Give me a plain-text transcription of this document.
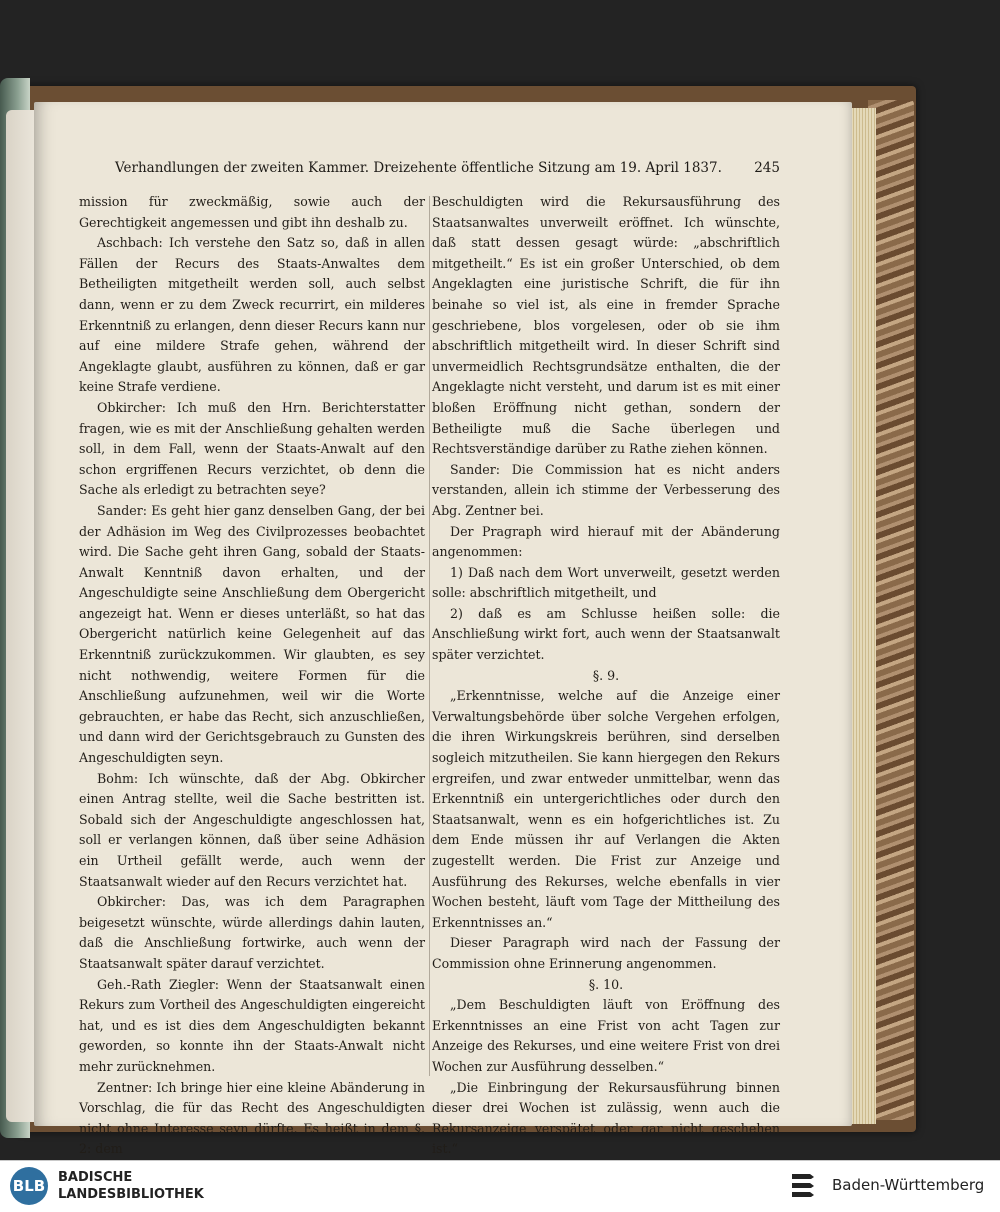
Verhandlungen der zweiten Kammer. Dreizehente öffentliche Sitzung am 19. April 1837. 245

mission für zweckmäßig, sowie auch der Gerechtigkeit angemessen und gibt ihn deshalb zu.

Aschbach: Ich verstehe den Satz so, daß in allen Fällen der Recurs des Staats-Anwaltes dem Betheiligten mitgetheilt werden soll, auch selbst dann, wenn er zu dem Zweck recurrirt, ein milderes Erkenntniß zu erlangen, denn dieser Recurs kann nur auf eine mildere Strafe gehen, während der Angeklagte glaubt, ausführen zu können, daß er gar keine Strafe verdiene.

Obkircher: Ich muß den Hrn. Berichterstatter fragen, wie es mit der Anschließung gehalten werden soll, in dem Fall, wenn der Staats-Anwalt auf den schon ergriffenen Recurs verzichtet, ob denn die Sache als erledigt zu betrachten seye?

Sander: Es geht hier ganz denselben Gang, der bei der Adhäsion im Weg des Civilprozesses beobachtet wird. Die Sache geht ihren Gang, sobald der Staats-Anwalt Kenntniß davon erhalten, und der Angeschuldigte seine Anschließung dem Obergericht angezeigt hat. Wenn er dieses unterläßt, so hat das Obergericht natürlich keine Gelegenheit auf das Erkenntniß zurückzukommen. Wir glaubten, es sey nicht nothwendig, weitere Formen für die Anschließung aufzunehmen, weil wir die Worte gebrauchten, er habe das Recht, sich anzuschließen, und dann wird der Gerichtsgebrauch zu Gunsten des Angeschuldigten seyn.

Bohm: Ich wünschte, daß der Abg. Obkircher einen Antrag stellte, weil die Sache bestritten ist. Sobald sich der Angeschuldigte angeschlossen hat, soll er verlangen können, daß über seine Adhäsion ein Urtheil gefällt werde, auch wenn der Staatsanwalt wieder auf den Recurs verzichtet hat.

Obkircher: Das, was ich dem Paragraphen beigesetzt wünschte, würde allerdings dahin lauten, daß die Anschließung fortwirke, auch wenn der Staatsanwalt später darauf verzichtet.

Geh.-Rath Ziegler: Wenn der Staatsanwalt einen Rekurs zum Vortheil des Angeschuldigten eingereicht hat, und es ist dies dem Angeschuldigten bekannt geworden, so konnte ihn der Staats-Anwalt nicht mehr zurücknehmen.

Zentner: Ich bringe hier eine kleine Abänderung in Vorschlag, die für das Recht des Angeschuldigten nicht ohne Interesse seyn dürfte. Es heißt in dem §. 2: dem

Beschuldigten wird die Rekursausführung des Staatsanwaltes unverweilt eröffnet. Ich wünschte, daß statt dessen gesagt würde: „abschriftlich mitgetheilt.“ Es ist ein großer Unterschied, ob dem Angeklagten eine juristische Schrift, die für ihn beinahe so viel ist, als eine in fremder Sprache geschriebene, blos vorgelesen, oder ob sie ihm abschriftlich mitgetheilt wird. In dieser Schrift sind unvermeidlich Rechtsgrundsätze enthalten, die der Angeklagte nicht versteht, und darum ist es mit einer bloßen Eröffnung nicht gethan, sondern der Betheiligte muß die Sache überlegen und Rechtsverständige darüber zu Rathe ziehen können.

Sander: Die Commission hat es nicht anders verstanden, allein ich stimme der Verbesserung des Abg. Zentner bei.

Der Pragraph wird hierauf mit der Abänderung angenommen:

1) Daß nach dem Wort unverweilt, gesetzt werden solle: abschriftlich mitgetheilt, und

2) daß es am Schlusse heißen solle: die Anschließung wirkt fort, auch wenn der Staatsanwalt später verzichtet.

§. 9.

„Erkenntnisse, welche auf die Anzeige einer Verwaltungsbehörde über solche Vergehen erfolgen, die ihren Wirkungskreis berühren, sind derselben sogleich mitzutheilen. Sie kann hiergegen den Rekurs ergreifen, und zwar entweder unmittelbar, wenn das Erkenntniß ein untergerichtliches oder durch den Staatsanwalt, wenn es ein hofgerichtliches ist. Zu dem Ende müssen ihr auf Verlangen die Akten zugestellt werden. Die Frist zur Anzeige und Ausführung des Rekurses, welche ebenfalls in vier Wochen besteht, läuft vom Tage der Mittheilung des Erkenntnisses an.“

Dieser Paragraph wird nach der Fassung der Commission ohne Erinnerung angenommen.

§. 10.

„Dem Beschuldigten läuft von Eröffnung des Erkenntnisses an eine Frist von acht Tagen zur Anzeige des Rekurses, und eine weitere Frist von drei Wochen zur Ausführung desselben.“

„Die Einbringung der Rekursausführung binnen dieser drei Wochen ist zulässig, wenn auch die Rekursanzeige verspätet oder gar nicht geschehen ist.“

BLB BADISCHE
LANDESBIBLIOTHEK
Baden-Württemberg
